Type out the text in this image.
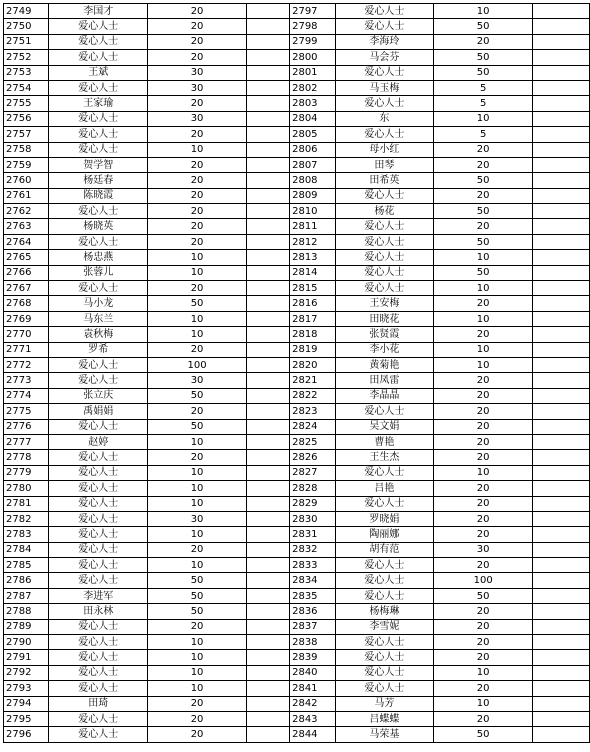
2749	李国才	20		2797	爱心人士	10	
2750	爱心人士	20		2798	爱心人士	50	
2751	爱心人士	20		2799	李海玲	20	
2752	爱心人士	20		2800	马会芬	50	
2753	王斌	30		2801	爱心人士	50	
2754	爱心人士	30		2802	马玉梅	5	
2755	王家瑜	20		2803	爱心人士	5	
2756	爱心人士	30		2804	东	10	
2757	爱心人士	20		2805	爱心人士	5	
2758	爱心人士	10		2806	母小红	20	
2759	贺学智	20		2807	田琴	20	
2760	杨廷春	20		2808	田希英	50	
2761	陈晓霞	20		2809	爱心人士	20	
2762	爱心人士	20		2810	杨花	50	
2763	杨晓英	20		2811	爱心人士	20	
2764	爱心人士	20		2812	爱心人士	50	
2765	杨忠燕	10		2813	爱心人士	10	
2766	张蓉儿	10		2814	爱心人士	50	
2767	爱心人士	20		2815	爱心人士	10	
2768	马小龙	50		2816	王安梅	20	
2769	马东兰	10		2817	田晓花	10	
2770	袁秋梅	10		2818	张贤霞	20	
2771	罗希	20		2819	李小花	10	
2772	爱心人士	100		2820	黄菊艳	10	
2773	爱心人士	30		2821	田凤雷	20	
2774	张立庆	50		2822	李晶晶	20	
2775	禹娟娟	20		2823	爱心人士	20	
2776	爱心人士	50		2824	吴文娟	20	
2777	赵婷	10		2825	曹艳	20	
2778	爱心人士	20		2826	王生杰	20	
2779	爱心人士	10		2827	爱心人士	10	
2780	爱心人士	10		2828	吕艳	20	
2781	爱心人士	10		2829	爱心人士	20	
2782	爱心人士	30		2830	罗晓娟	20	
2783	爱心人士	10		2831	陶丽娜	20	
2784	爱心人士	20		2832	胡有范	30	
2785	爱心人士	10		2833	爱心人士	20	
2786	爱心人士	50		2834	爱心人士	100	
2787	李进军	50		2835	爱心人士	50	
2788	田永林	50		2836	杨梅琳	20	
2789	爱心人士	20		2837	李雪妮	20	
2790	爱心人士	10		2838	爱心人士	20	
2791	爱心人士	10		2839	爱心人士	20	
2792	爱心人士	10		2840	爱心人士	10	
2793	爱心人士	10		2841	爱心人士	20	
2794	田琦	20		2842	马芳	10	
2795	爱心人士	20		2843	吕蝶蝶	20	
2796	爱心人士	20		2844	马荣基	50	
